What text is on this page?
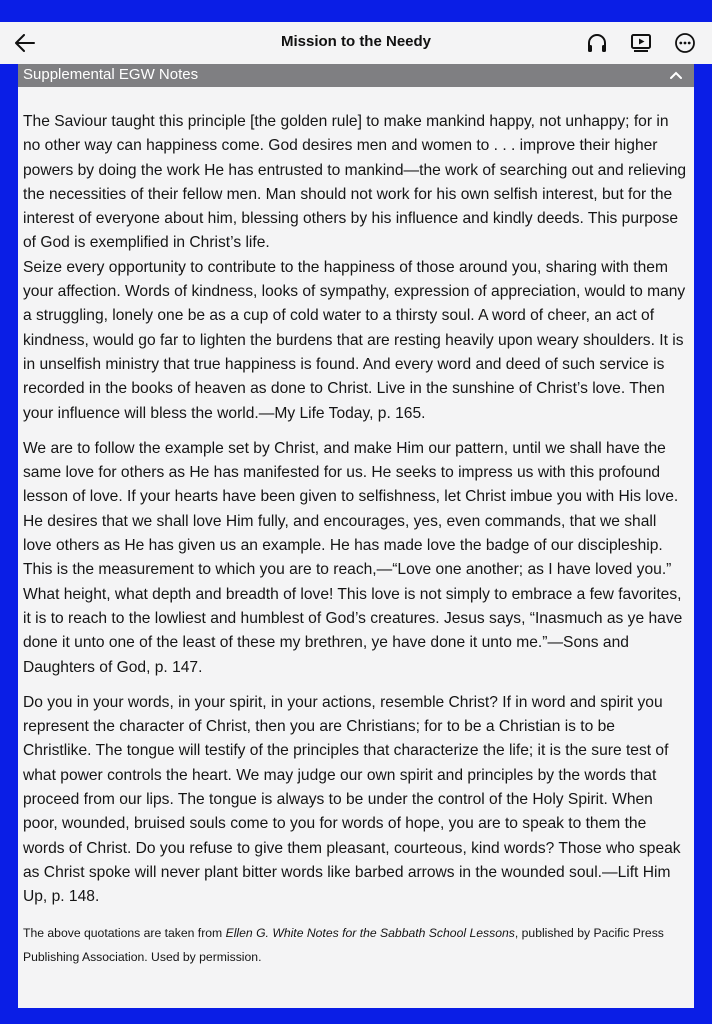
Mission to the Needy
Supplemental EGW Notes

The Saviour taught this principle [the golden rule] to make mankind happy, not unhappy; for in no other way can happiness come. God desires men and women to . . . improve their higher powers by doing the work He has entrusted to mankind—the work of searching out and relieving the necessities of their fellow men. Man should not work for his own selfish interest, but for the interest of everyone about him, blessing others by his influence and kindly deeds. This purpose of God is exemplified in Christ’s life.

Seize every opportunity to contribute to the happiness of those around you, sharing with them your affection. Words of kindness, looks of sympathy, expression of appreciation, would to many a struggling, lonely one be as a cup of cold water to a thirsty soul. A word of cheer, an act of kindness, would go far to lighten the burdens that are resting heavily upon weary shoulders. It is in unselfish ministry that true happiness is found. And every word and deed of such service is recorded in the books of heaven as done to Christ. Live in the sunshine of Christ’s love. Then your influence will bless the world.—My Life Today, p. 165.

We are to follow the example set by Christ, and make Him our pattern, until we shall have the same love for others as He has manifested for us. He seeks to impress us with this profound lesson of love. If your hearts have been given to selfishness, let Christ imbue you with His love. He desires that we shall love Him fully, and encourages, yes, even commands, that we shall love others as He has given us an example. He has made love the badge of our discipleship. This is the measurement to which you are to reach,—“Love one another; as I have loved you.” What height, what depth and breadth of love! This love is not simply to embrace a few favorites, it is to reach to the lowliest and humblest of God’s creatures. Jesus says, “Inasmuch as ye have done it unto one of the least of these my brethren, ye have done it unto me.”—Sons and Daughters of God, p. 147.

Do you in your words, in your spirit, in your actions, resemble Christ? If in word and spirit you represent the character of Christ, then you are Christians; for to be a Christian is to be Christlike. The tongue will testify of the principles that characterize the life; it is the sure test of what power controls the heart. We may judge our own spirit and principles by the words that proceed from our lips. The tongue is always to be under the control of the Holy Spirit. When poor, wounded, bruised souls come to you for words of hope, you are to speak to them the words of Christ. Do you refuse to give them pleasant, courteous, kind words? Those who speak as Christ spoke will never plant bitter words like barbed arrows in the wounded soul.—Lift Him Up, p. 148.

The above quotations are taken from Ellen G. White Notes for the Sabbath School Lessons, published by Pacific Press Publishing Association. Used by permission.
